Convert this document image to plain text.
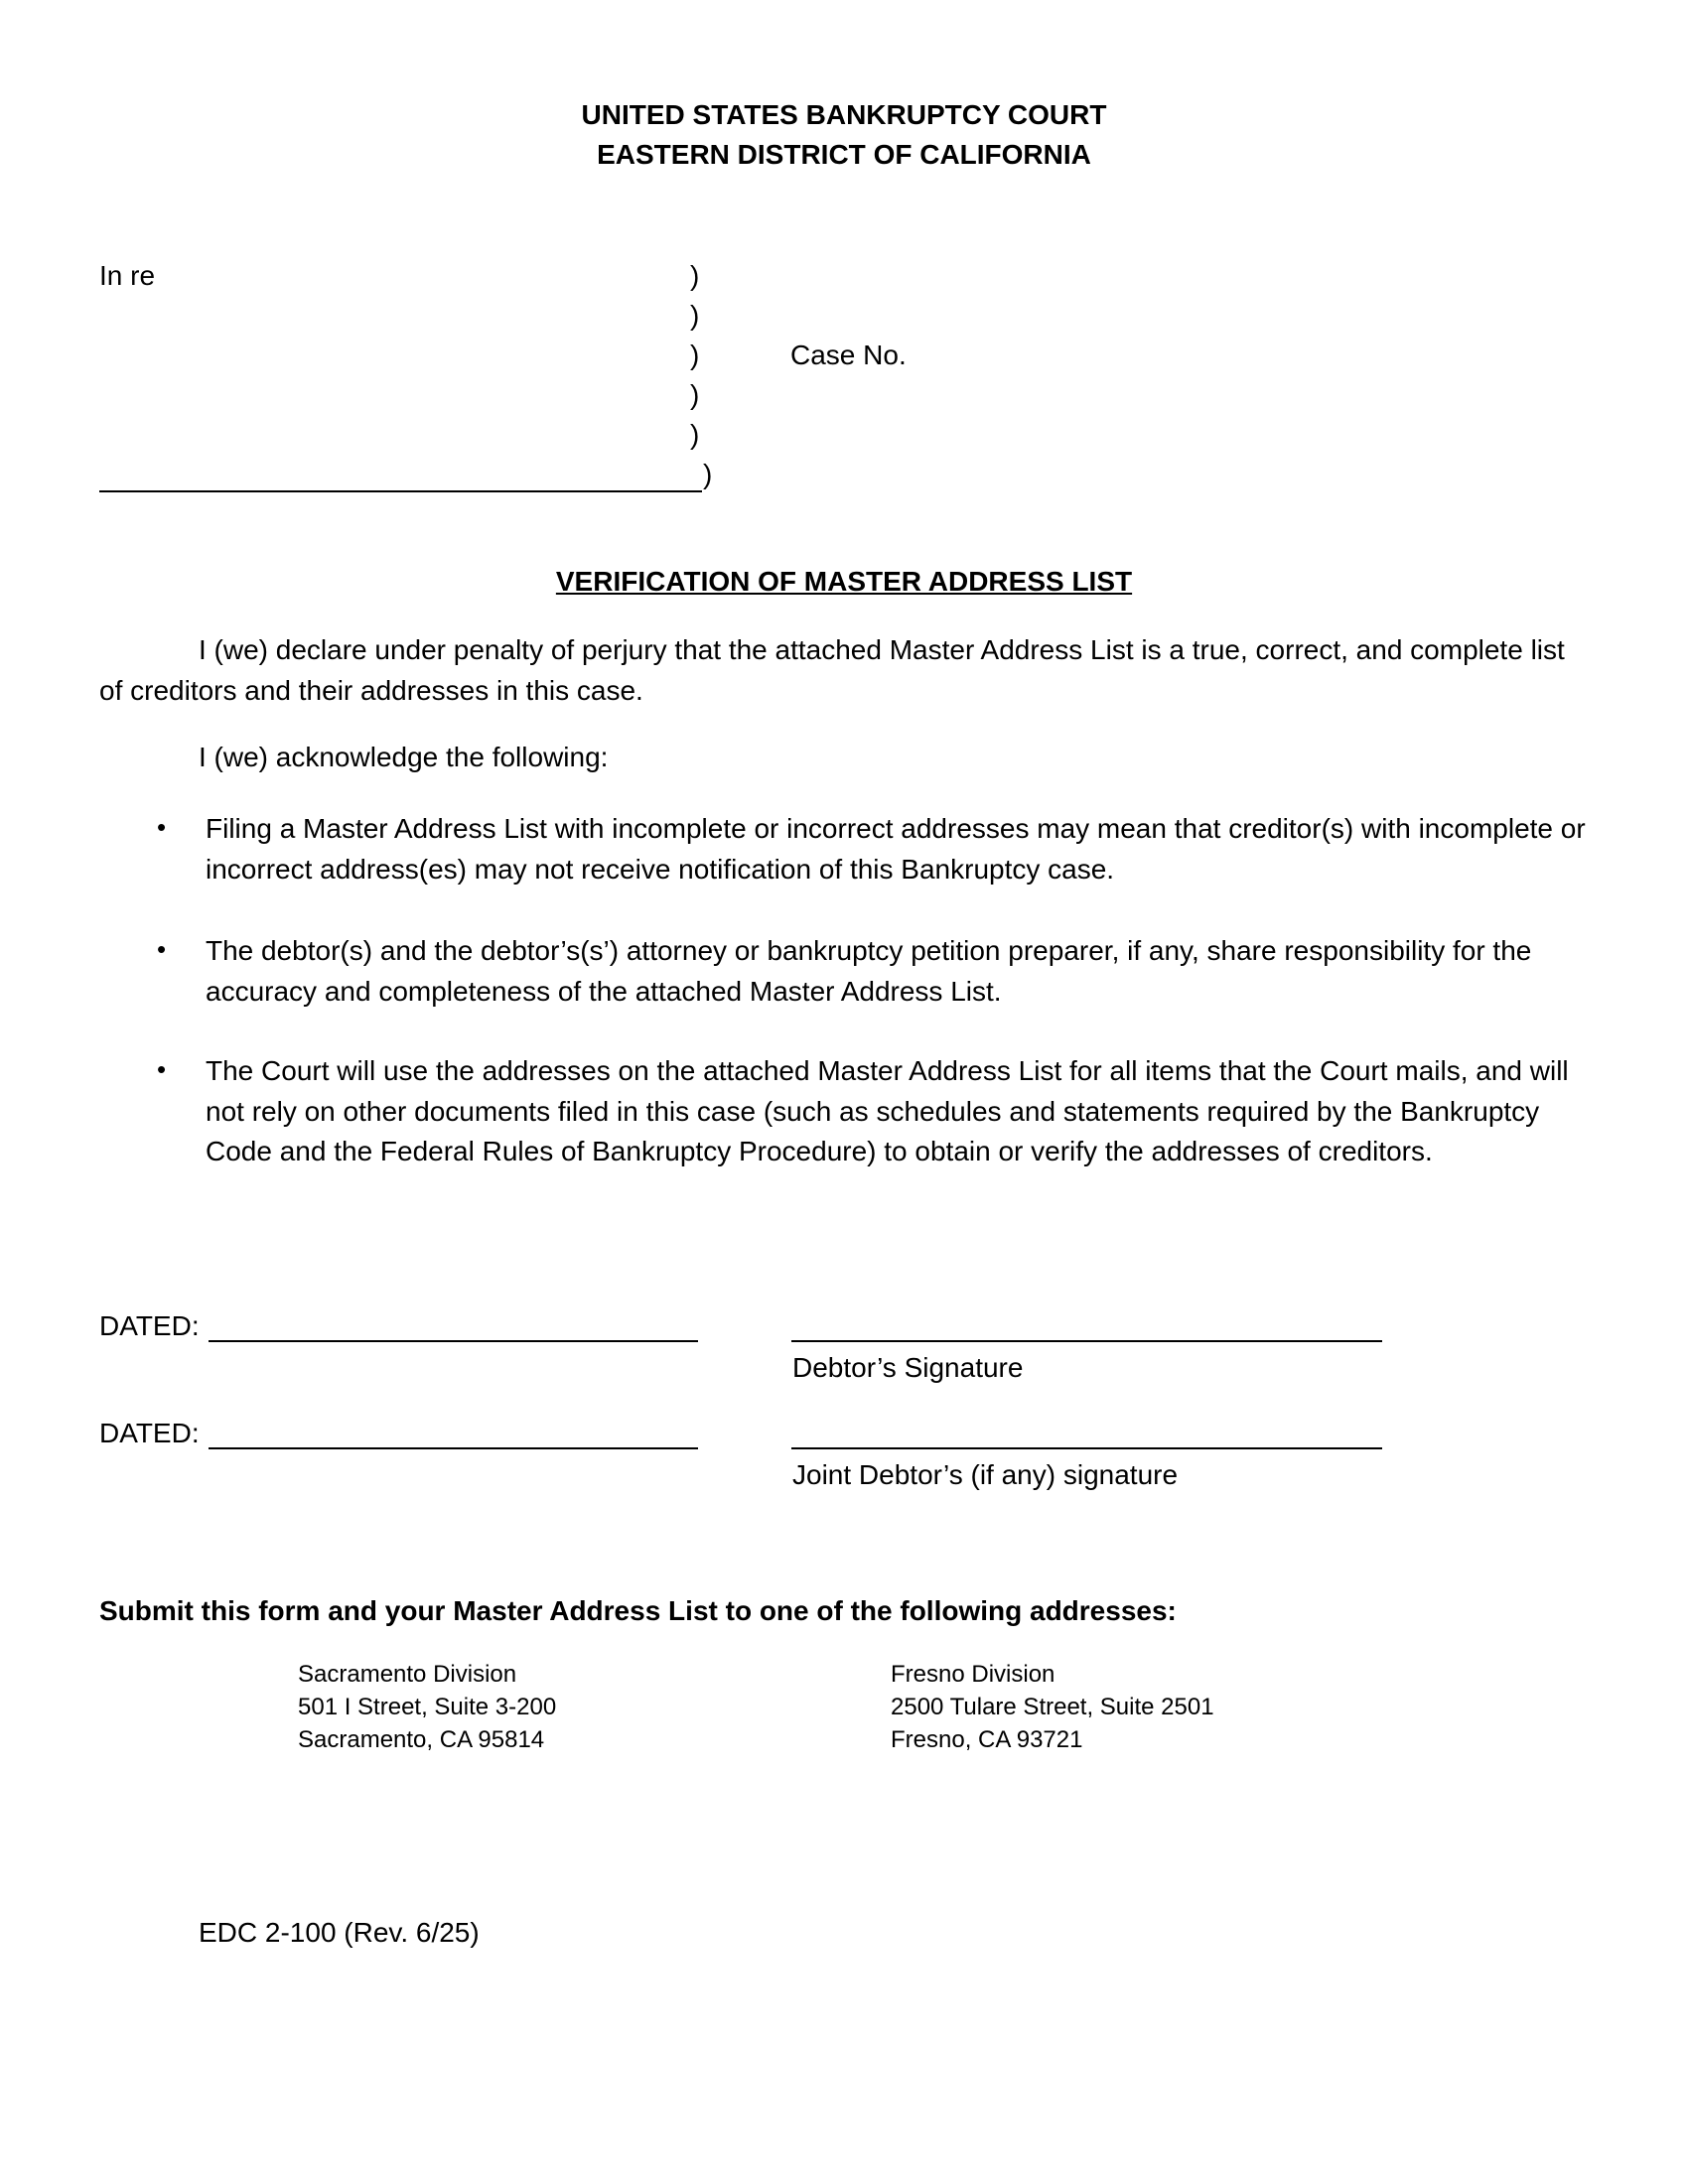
UNITED STATES BANKRUPTCY COURT
EASTERN DISTRICT OF CALIFORNIA
In re	)
)
)
)
)
)
Case No.
VERIFICATION OF MASTER ADDRESS LIST
I (we) declare under penalty of perjury that the attached Master Address List is a true, correct, and complete list of creditors and their addresses in this case.
I (we) acknowledge the following:
• Filing a Master Address List with incomplete or incorrect addresses may mean that creditor(s) with incomplete or incorrect address(es) may not receive notification of this Bankruptcy case.
• The debtor(s) and the debtor’s(s’) attorney or bankruptcy petition preparer, if any, share responsibility for the accuracy and completeness of the attached Master Address List.
• The Court will use the addresses on the attached Master Address List for all items that the Court mails, and will not rely on other documents filed in this case (such as schedules and statements required by the Bankruptcy Code and the Federal Rules of Bankruptcy Procedure) to obtain or verify the addresses of creditors.
DATED:
Debtor’s Signature
DATED:
Joint Debtor’s (if any) signature
Submit this form and your Master Address List to one of the following addresses:
Sacramento Division
501 I Street, Suite 3-200
Sacramento, CA 95814
Fresno Division
2500 Tulare Street, Suite 2501
Fresno, CA 93721
EDC 2-100 (Rev. 6/25)
